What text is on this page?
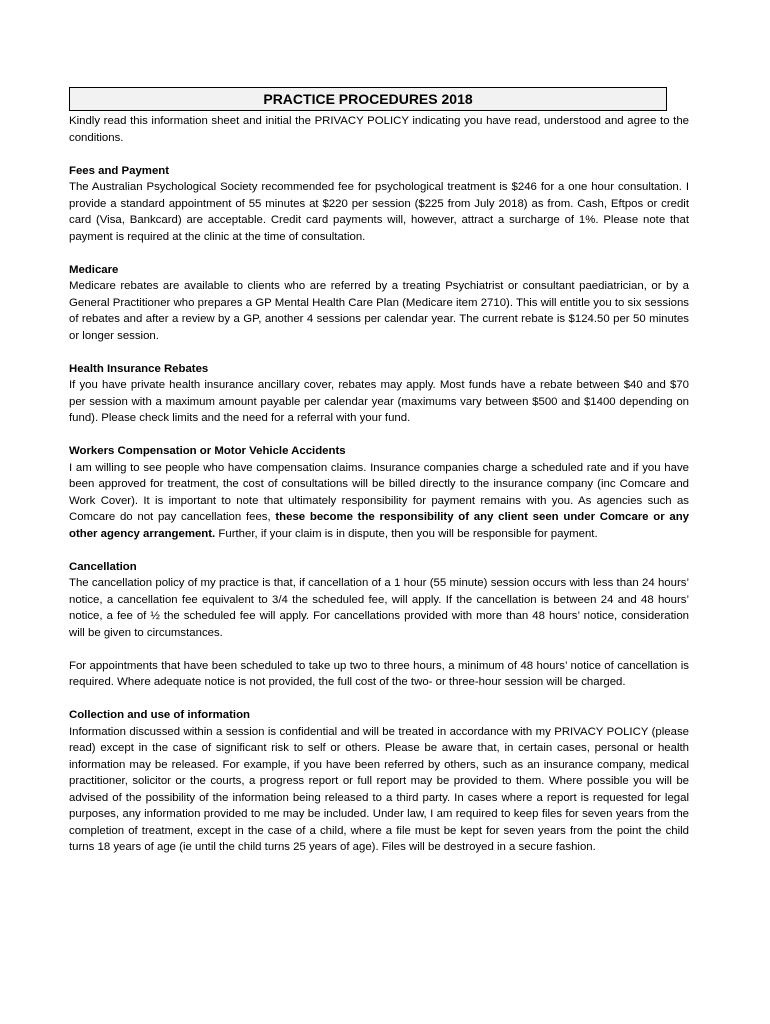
PRACTICE PROCEDURES 2018

Kindly read this information sheet and initial the PRIVACY POLICY indicating you have read, understood and agree to the conditions.

Fees and Payment

The Australian Psychological Society recommended fee for psychological treatment is $246 for a one hour consultation. I provide a standard appointment of 55 minutes at $220 per session ($225 from July 2018) as from. Cash, Eftpos or credit card (Visa, Bankcard) are acceptable. Credit card payments will, however, attract a surcharge of 1%. Please note that payment is required at the clinic at the time of consultation.

Medicare

Medicare rebates are available to clients who are referred by a treating Psychiatrist or consultant paediatrician, or by a General Practitioner who prepares a GP Mental Health Care Plan (Medicare item 2710). This will entitle you to six sessions of rebates and after a review by a GP, another 4 sessions per calendar year. The current rebate is $124.50 per 50 minutes or longer session.

Health Insurance Rebates

If you have private health insurance ancillary cover, rebates may apply. Most funds have a rebate between $40 and $70 per session with a maximum amount payable per calendar year (maximums vary between $500 and $1400 depending on fund). Please check limits and the need for a referral with your fund.

Workers Compensation or Motor Vehicle Accidents

I am willing to see people who have compensation claims. Insurance companies charge a scheduled rate and if you have been approved for treatment, the cost of consultations will be billed directly to the insurance company (inc Comcare and Work Cover). It is important to note that ultimately responsibility for payment remains with you. As agencies such as Comcare do not pay cancellation fees, these become the responsibility of any client seen under Comcare or any other agency arrangement. Further, if your claim is in dispute, then you will be responsible for payment.

Cancellation

The cancellation policy of my practice is that, if cancellation of a 1 hour (55 minute) session occurs with less than 24 hours’ notice, a cancellation fee equivalent to 3/4 the scheduled fee, will apply. If the cancellation is between 24 and 48 hours’ notice, a fee of ½ the scheduled fee will apply. For cancellations provided with more than 48 hours’ notice, consideration will be given to circumstances.

For appointments that have been scheduled to take up two to three hours, a minimum of 48 hours’ notice of cancellation is required. Where adequate notice is not provided, the full cost of the two- or three-hour session will be charged.

Collection and use of information

Information discussed within a session is confidential and will be treated in accordance with my PRIVACY POLICY (please read) except in the case of significant risk to self or others. Please be aware that, in certain cases, personal or health information may be released. For example, if you have been referred by others, such as an insurance company, medical practitioner, solicitor or the courts, a progress report or full report may be provided to them. Where possible you will be advised of the possibility of the information being released to a third party. In cases where a report is requested for legal purposes, any information provided to me may be included. Under law, I am required to keep files for seven years from the completion of treatment, except in the case of a child, where a file must be kept for seven years from the point the child turns 18 years of age (ie until the child turns 25 years of age). Files will be destroyed in a secure fashion.
